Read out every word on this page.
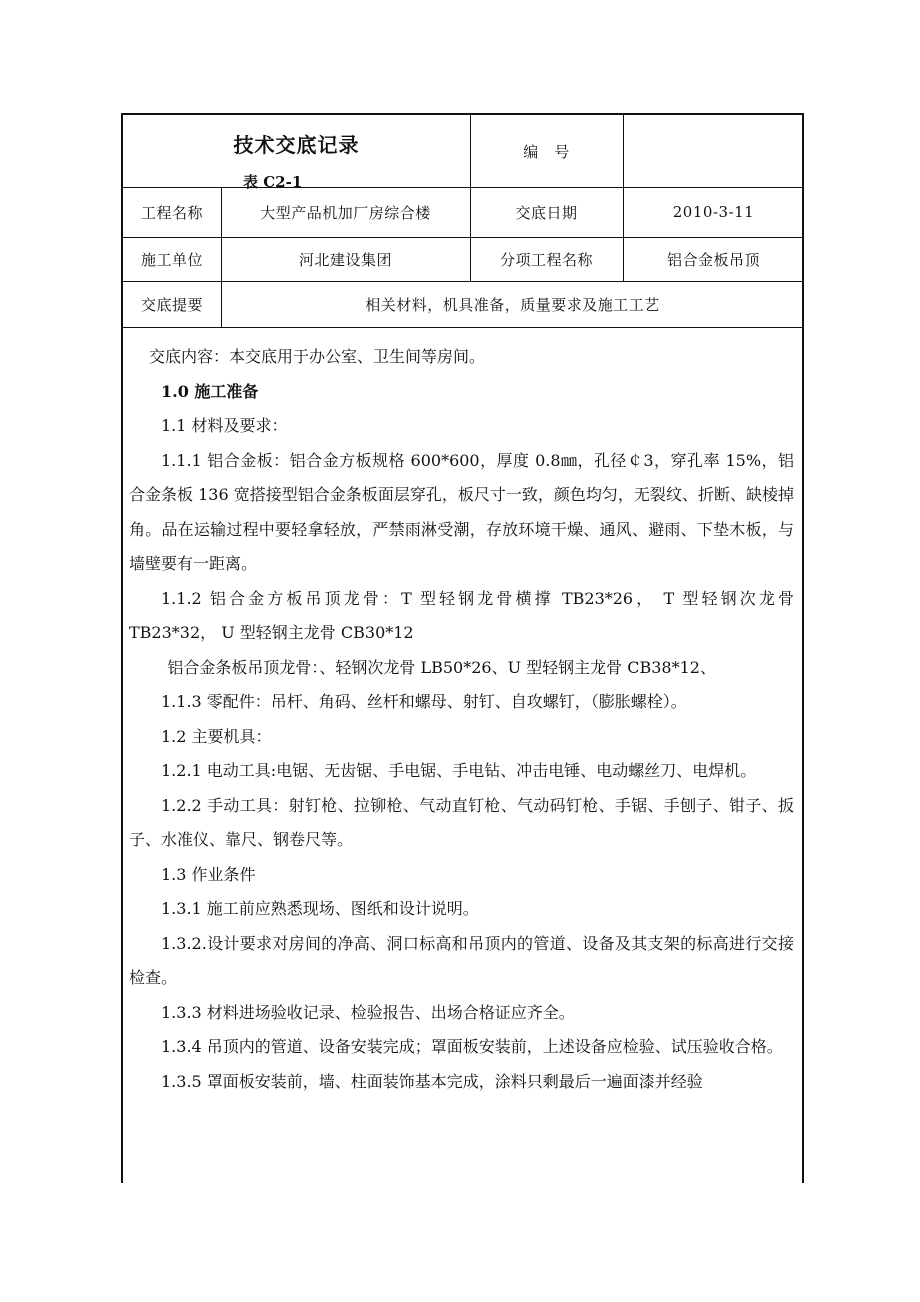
技术交底记录
表 C2-1
编　号
工程名称	大型产品机加厂房综合楼	交底日期	2010-3-11
施工单位	河北建设集团	分项工程名称	铝合金板吊顶
交底提要	相关材料，机具准备，质量要求及施工工艺

交底内容：本交底用于办公室、卫生间等房间。

1.0 施工准备

1.1 材料及要求：

1.1.1 铝合金板：铝合金方板规格 600*600，厚度 0.8㎜，孔径￠3，穿孔率 15%，铝合金条板 136 宽搭接型铝合金条板面层穿孔，板尺寸一致，颜色均匀，无裂纹、折断、缺棱掉角。品在运输过程中要轻拿轻放，严禁雨淋受潮，存放环境干燥、通风、避雨、下垫木板，与墙壁要有一距离。

1.1.2 铝合金方板吊顶龙骨：T 型轻钢龙骨横撑 TB23*26， T 型轻钢次龙骨 TB23*32， U 型轻钢主龙骨 CB30*12

铝合金条板吊顶龙骨：、轻钢次龙骨 LB50*26、U 型轻钢主龙骨 CB38*12、

1.1.3 零配件：吊杆、角码、丝杆和螺母、射钉、自攻螺钉，（膨胀螺栓）。

1.2 主要机具：

1.2.1 电动工具:电锯、无齿锯、手电锯、手电钻、冲击电锤、电动螺丝刀、电焊机。

1.2.2 手动工具：射钉枪、拉铆枪、气动直钉枪、气动码钉枪、手锯、手刨子、钳子、扳子、水准仪、靠尺、钢卷尺等。

1.3 作业条件

1.3.1 施工前应熟悉现场、图纸和设计说明。

1.3.2.设计要求对房间的净高、洞口标高和吊顶内的管道、设备及其支架的标高进行交接检查。

1.3.3 材料进场验收记录、检验报告、出场合格证应齐全。

1.3.4 吊顶内的管道、设备安装完成；罩面板安装前，上述设备应检验、试压验收合格。

1.3.5 罩面板安装前，墙、柱面装饰基本完成，涂料只剩最后一遍面漆并经验
